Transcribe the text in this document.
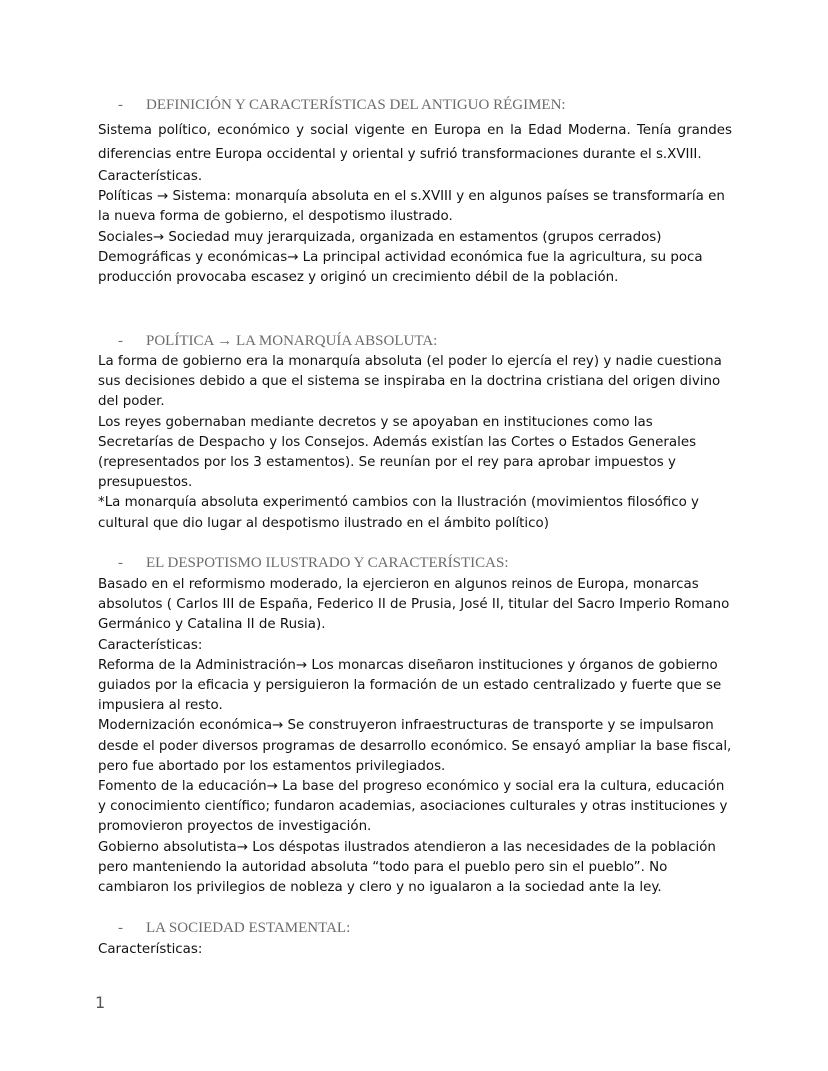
- DEFINICIÓN Y CARACTERÍSTICAS DEL ANTIGUO RÉGIMEN:

Sistema político, económico y social vigente en Europa en la Edad Moderna. Tenía grandes diferencias entre Europa occidental y oriental y sufrió transformaciones durante el s.XVIII.

Características.

Políticas → Sistema: monarquía absoluta en el s.XVIII y en algunos países se transformaría en la nueva forma de gobierno, el despotismo ilustrado.

Sociales→ Sociedad muy jerarquizada, organizada en estamentos (grupos cerrados)

Demográficas y económicas→ La principal actividad económica fue la agricultura, su poca producción provocaba escasez y originó un crecimiento débil de la población.

- POLÍTICA → LA MONARQUÍA ABSOLUTA:

La forma de gobierno era la monarquía absoluta (el poder lo ejercía el rey) y nadie cuestiona sus decisiones debido a que el sistema se inspiraba en la doctrina cristiana del origen divino del poder.

Los reyes gobernaban mediante decretos y se apoyaban en instituciones como las Secretarías de Despacho y los Consejos. Además existían las Cortes o Estados Generales (representados por los 3 estamentos). Se reunían por el rey para aprobar impuestos y presupuestos.

*La monarquía absoluta experimentó cambios con la Ilustración (movimientos filosófico y cultural que dio lugar al despotismo ilustrado en el ámbito político)

- EL DESPOTISMO ILUSTRADO Y CARACTERÍSTICAS:

Basado en el reformismo moderado, la ejercieron en algunos reinos de Europa, monarcas absolutos ( Carlos III de España, Federico II de Prusia, José II, titular del Sacro Imperio Romano Germánico y Catalina II de Rusia).

Características:

Reforma de la Administración→ Los monarcas diseñaron instituciones y órganos de gobierno guiados por la eficacia y persiguieron la formación de un estado centralizado y fuerte que se impusiera al resto.

Modernización económica→ Se construyeron infraestructuras de transporte y se impulsaron desde el poder diversos programas de desarrollo económico. Se ensayó ampliar la base fiscal, pero fue abortado por los estamentos privilegiados.

Fomento de la educación→ La base del progreso económico y social era la cultura, educación y conocimiento científico; fundaron academias, asociaciones culturales y otras instituciones y promovieron proyectos de investigación.

Gobierno absolutista→ Los déspotas ilustrados atendieron a las necesidades de la población pero manteniendo la autoridad absoluta “todo para el pueblo pero sin el pueblo”. No cambiaron los privilegios de nobleza y clero y no igualaron a la sociedad ante la ley.

- LA SOCIEDAD ESTAMENTAL:

Características:

1
